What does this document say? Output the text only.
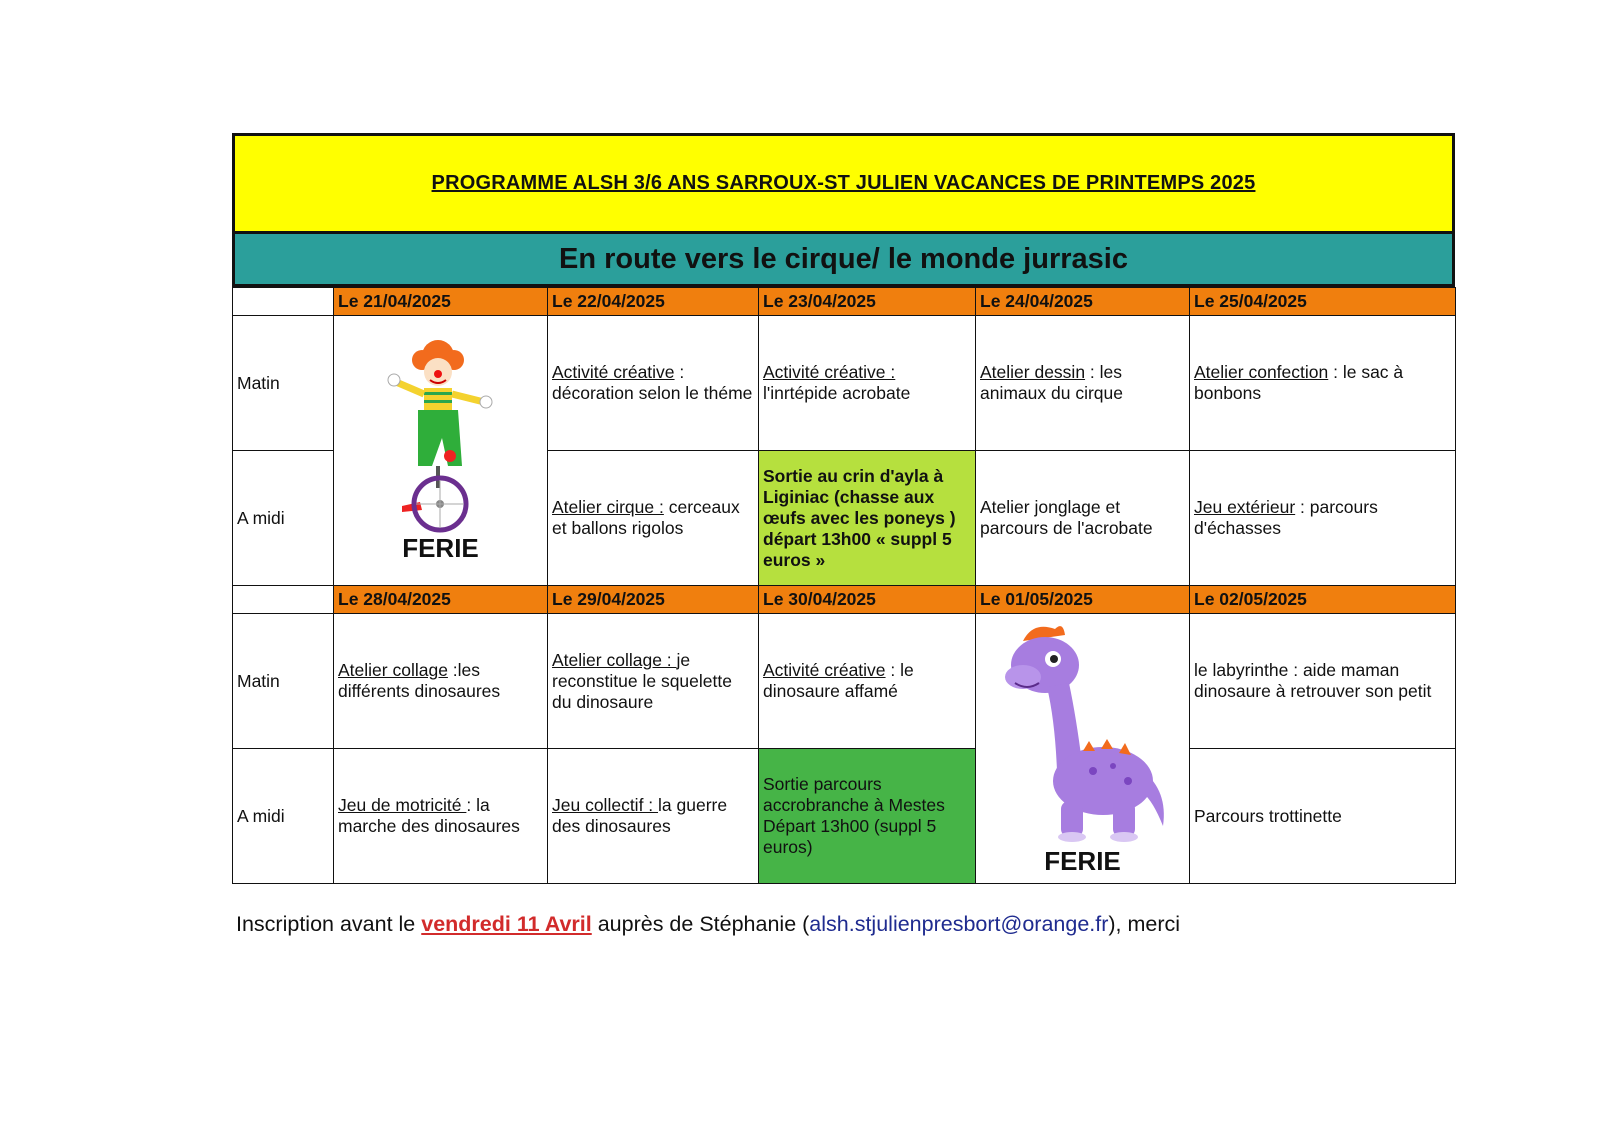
PROGRAMME ALSH 3/6 ANS SARROUX-ST JULIEN VACANCES DE PRINTEMPS 2025
En route vers le cirque/ le monde jurrasic
	Le 21/04/2025	Le 22/04/2025	Le 23/04/2025	Le 24/04/2025	Le 25/04/2025
Matin	FERIE	Activité créative : décoration selon le théme	Activité créative : l'inrtépide acrobate	Atelier dessin : les animaux du cirque	Atelier confection : le sac à bonbons
A midi		Atelier cirque : cerceaux et ballons rigolos	Sortie au crin d'ayla à Liginiac (chasse aux œufs avec les poneys ) départ 13h00 « suppl 5 euros »	Atelier jonglage et parcours de l'acrobate	Jeu extérieur : parcours d'échasses
	Le 28/04/2025	Le 29/04/2025	Le 30/04/2025	Le 01/05/2025	Le 02/05/2025
Matin	Atelier collage :les différents dinosaures	Atelier collage : je reconstitue le squelette du dinosaure	Activité créative : le dinosaure affamé	FERIE	le labyrinthe : aide maman dinosaure à retrouver son petit
A midi	Jeu de motricité : la marche des dinosaures	Jeu collectif : la guerre des dinosaures	Sortie parcours accrobranche à Mestes Départ 13h00 (suppl 5 euros)		Parcours trottinette
Inscription avant le vendredi 11 Avril auprès de Stéphanie (alsh.stjulienpresbort@orange.fr), merci
